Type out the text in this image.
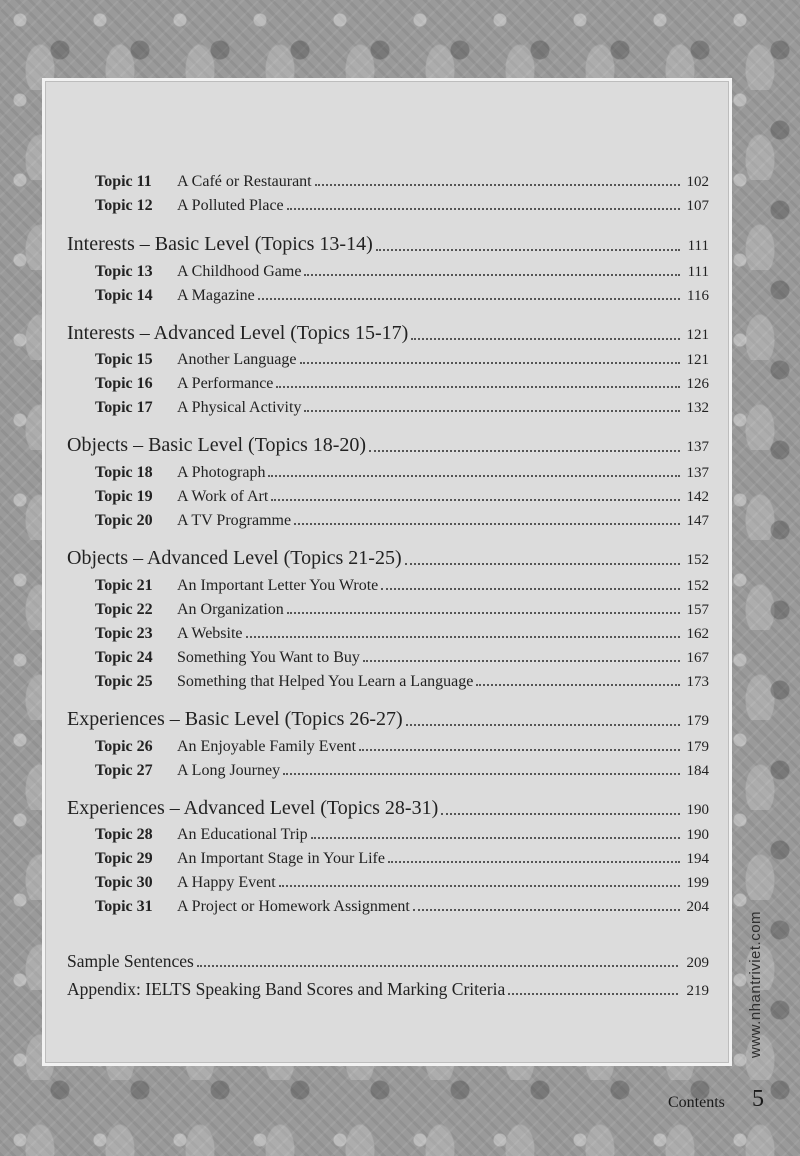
Topic 11	A Café or Restaurant	102
Topic 12	A Polluted Place	107
Interests – Basic Level (Topics 13-14)	111
Topic 13	A Childhood Game	111
Topic 14	A Magazine	116
Interests – Advanced Level (Topics 15-17)	121
Topic 15	Another Language	121
Topic 16	A Performance	126
Topic 17	A Physical Activity	132
Objects – Basic Level (Topics 18-20)	137
Topic 18	A Photograph	137
Topic 19	A Work of Art	142
Topic 20	A TV Programme	147
Objects – Advanced Level (Topics 21-25)	152
Topic 21	An Important Letter You Wrote	152
Topic 22	An Organization	157
Topic 23	A Website	162
Topic 24	Something You Want to Buy	167
Topic 25	Something that Helped You Learn a Language	173
Experiences – Basic Level (Topics 26-27)	179
Topic 26	An Enjoyable Family Event	179
Topic 27	A Long Journey	184
Experiences – Advanced Level (Topics 28-31)	190
Topic 28	An Educational Trip	190
Topic 29	An Important Stage in Your Life	194
Topic 30	A Happy Event	199
Topic 31	A Project or Homework Assignment	204
Sample Sentences	209
Appendix: IELTS Speaking Band Scores and Marking Criteria	219	www.nhantriviet.com
Contents 5
